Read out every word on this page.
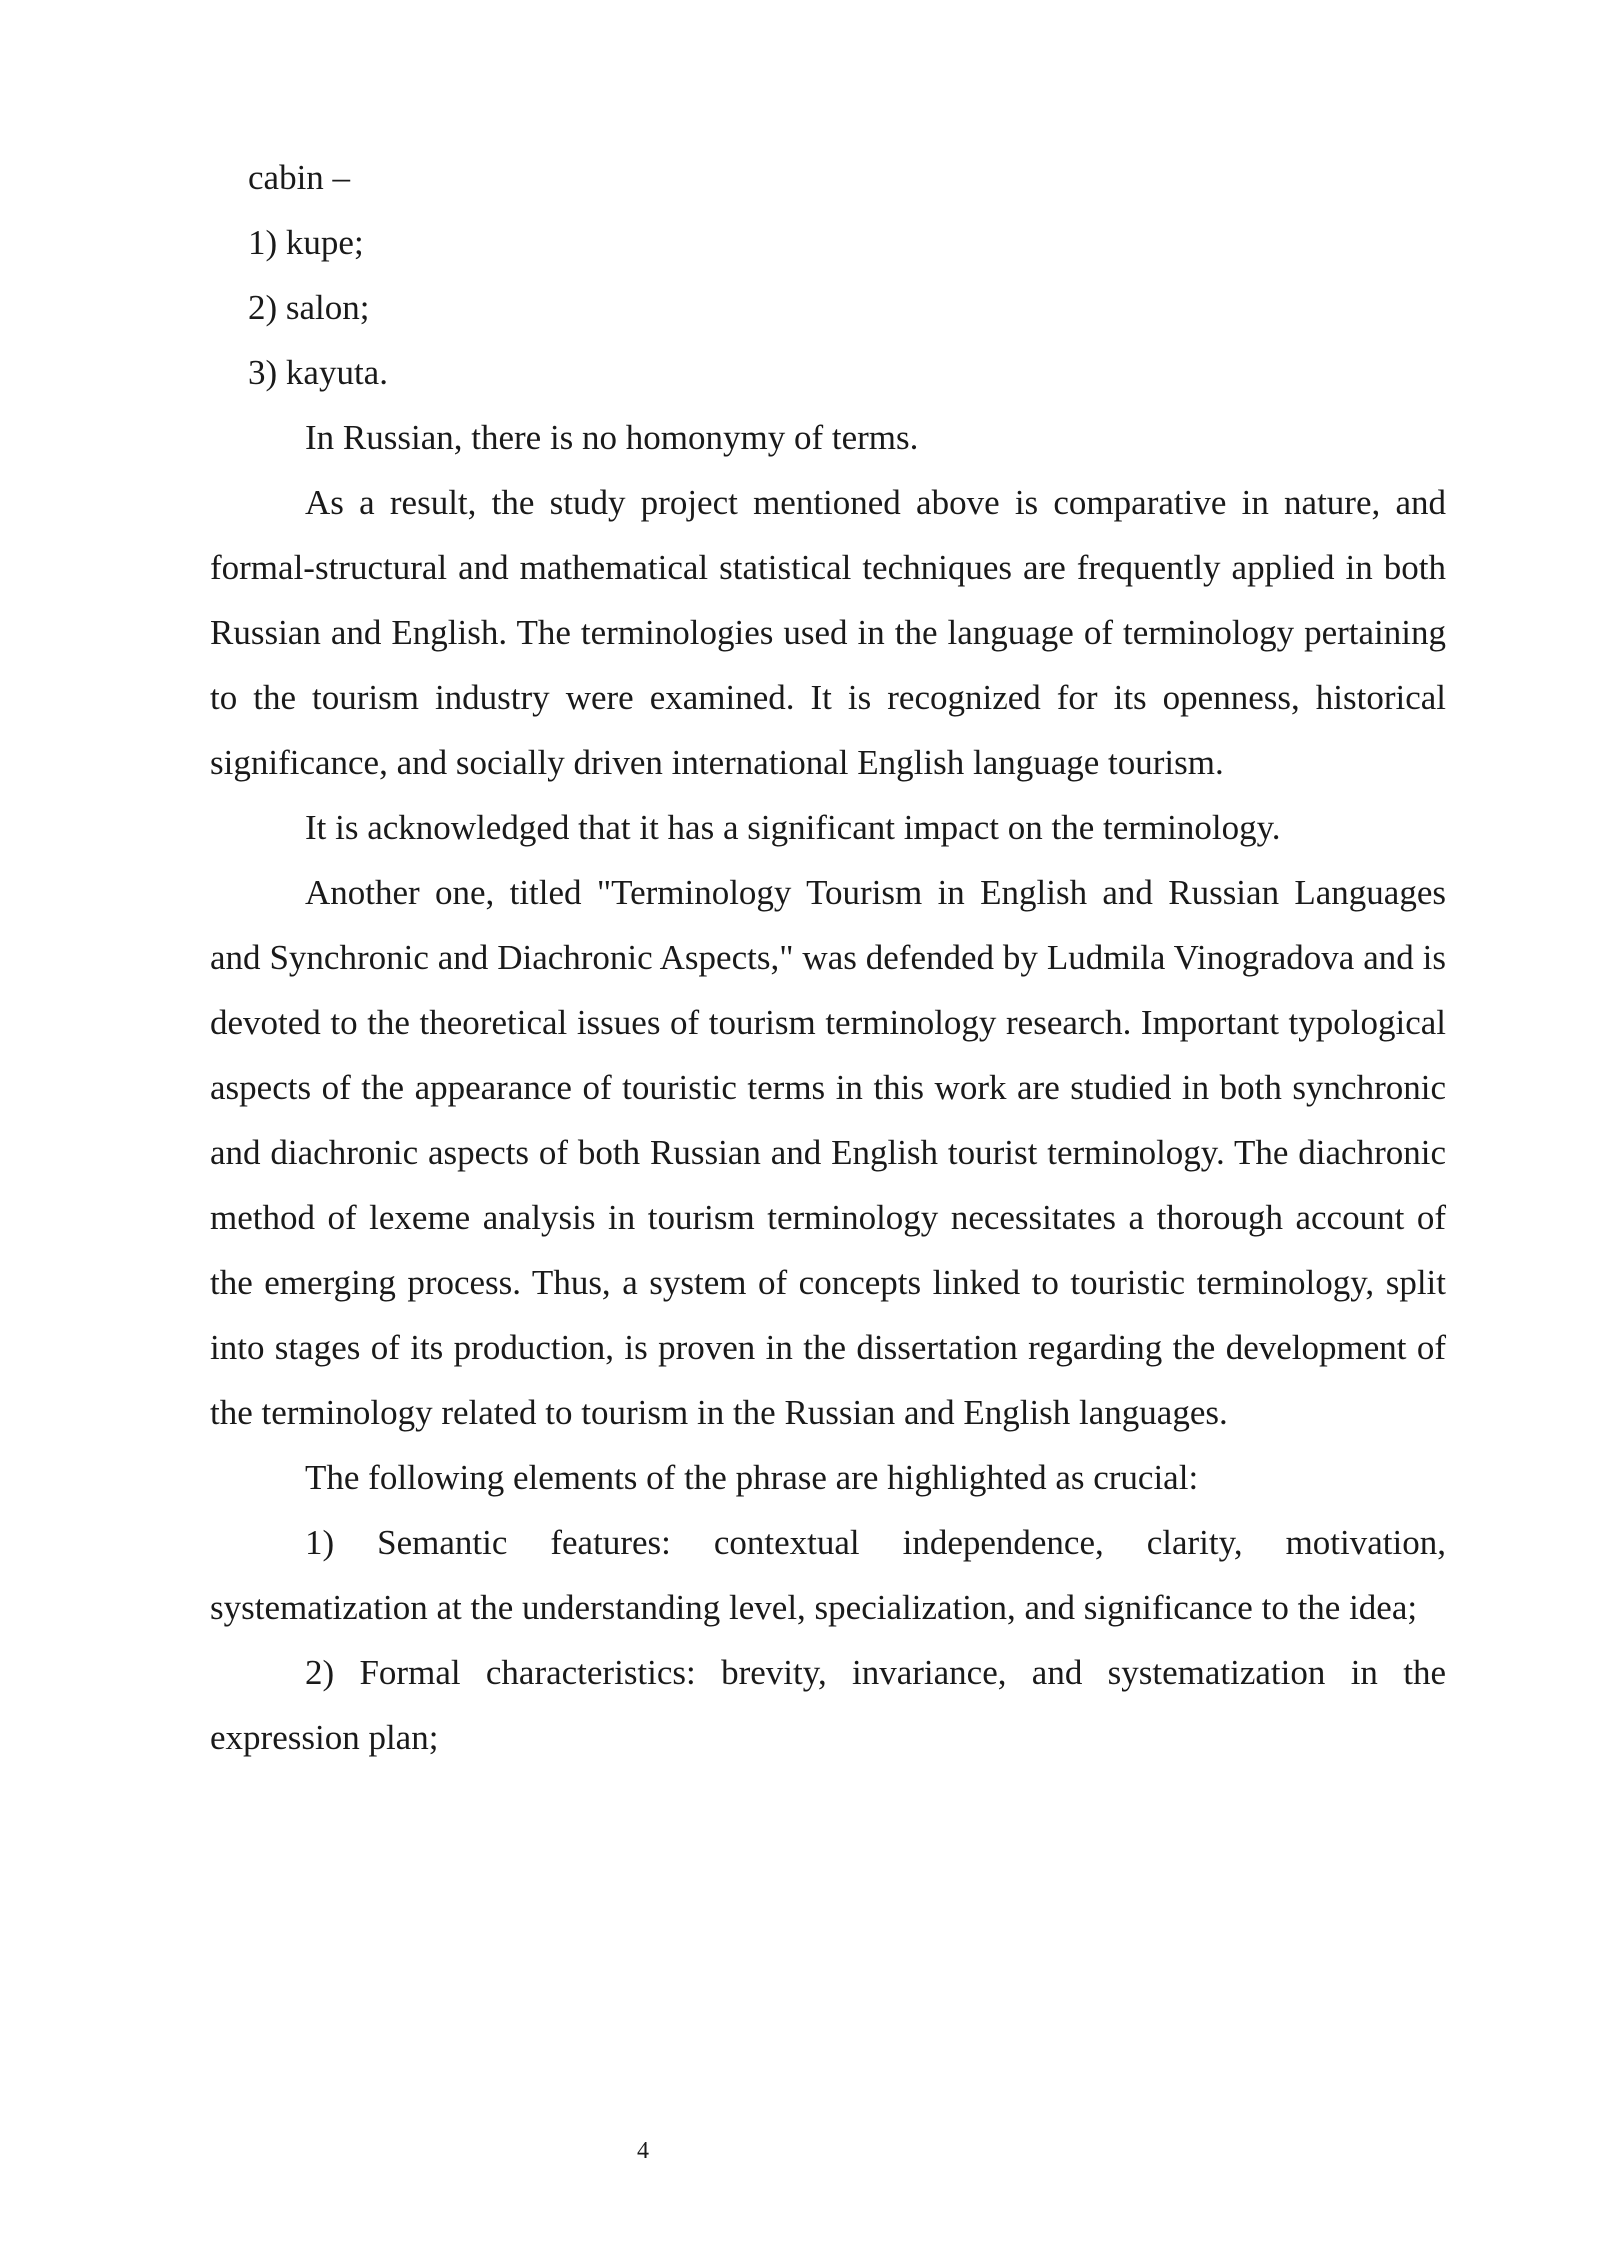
cabin –

1) kupe;

2) salon;

3) kayuta.

In Russian, there is no homonymy of terms.

As a result, the study project mentioned above is comparative in nature, and formal-structural and mathematical statistical techniques are frequently applied in both Russian and English. The terminologies used in the language of terminology pertaining to the tourism industry were examined. It is recognized for its openness, historical significance, and socially driven international English language tourism.

It is acknowledged that it has a significant impact on the terminology.

Another one, titled "Terminology Tourism in English and Russian Languages and Synchronic and Diachronic Aspects," was defended by Ludmila Vinogradova and is devoted to the theoretical issues of tourism terminology research. Important typological aspects of the appearance of touristic terms in this work are studied in both synchronic and diachronic aspects of both Russian and English tourist terminology. The diachronic method of lexeme analysis in tourism terminology necessitates a thorough account of the emerging process. Thus, a system of concepts linked to touristic terminology, split into stages of its production, is proven in the dissertation regarding the development of the terminology related to tourism in the Russian and English languages.

The following elements of the phrase are highlighted as crucial:

1) Semantic features: contextual independence, clarity, motivation, systematization at the understanding level, specialization, and significance to the idea;

2) Formal characteristics: brevity, invariance, and systematization in the expression plan;

4
